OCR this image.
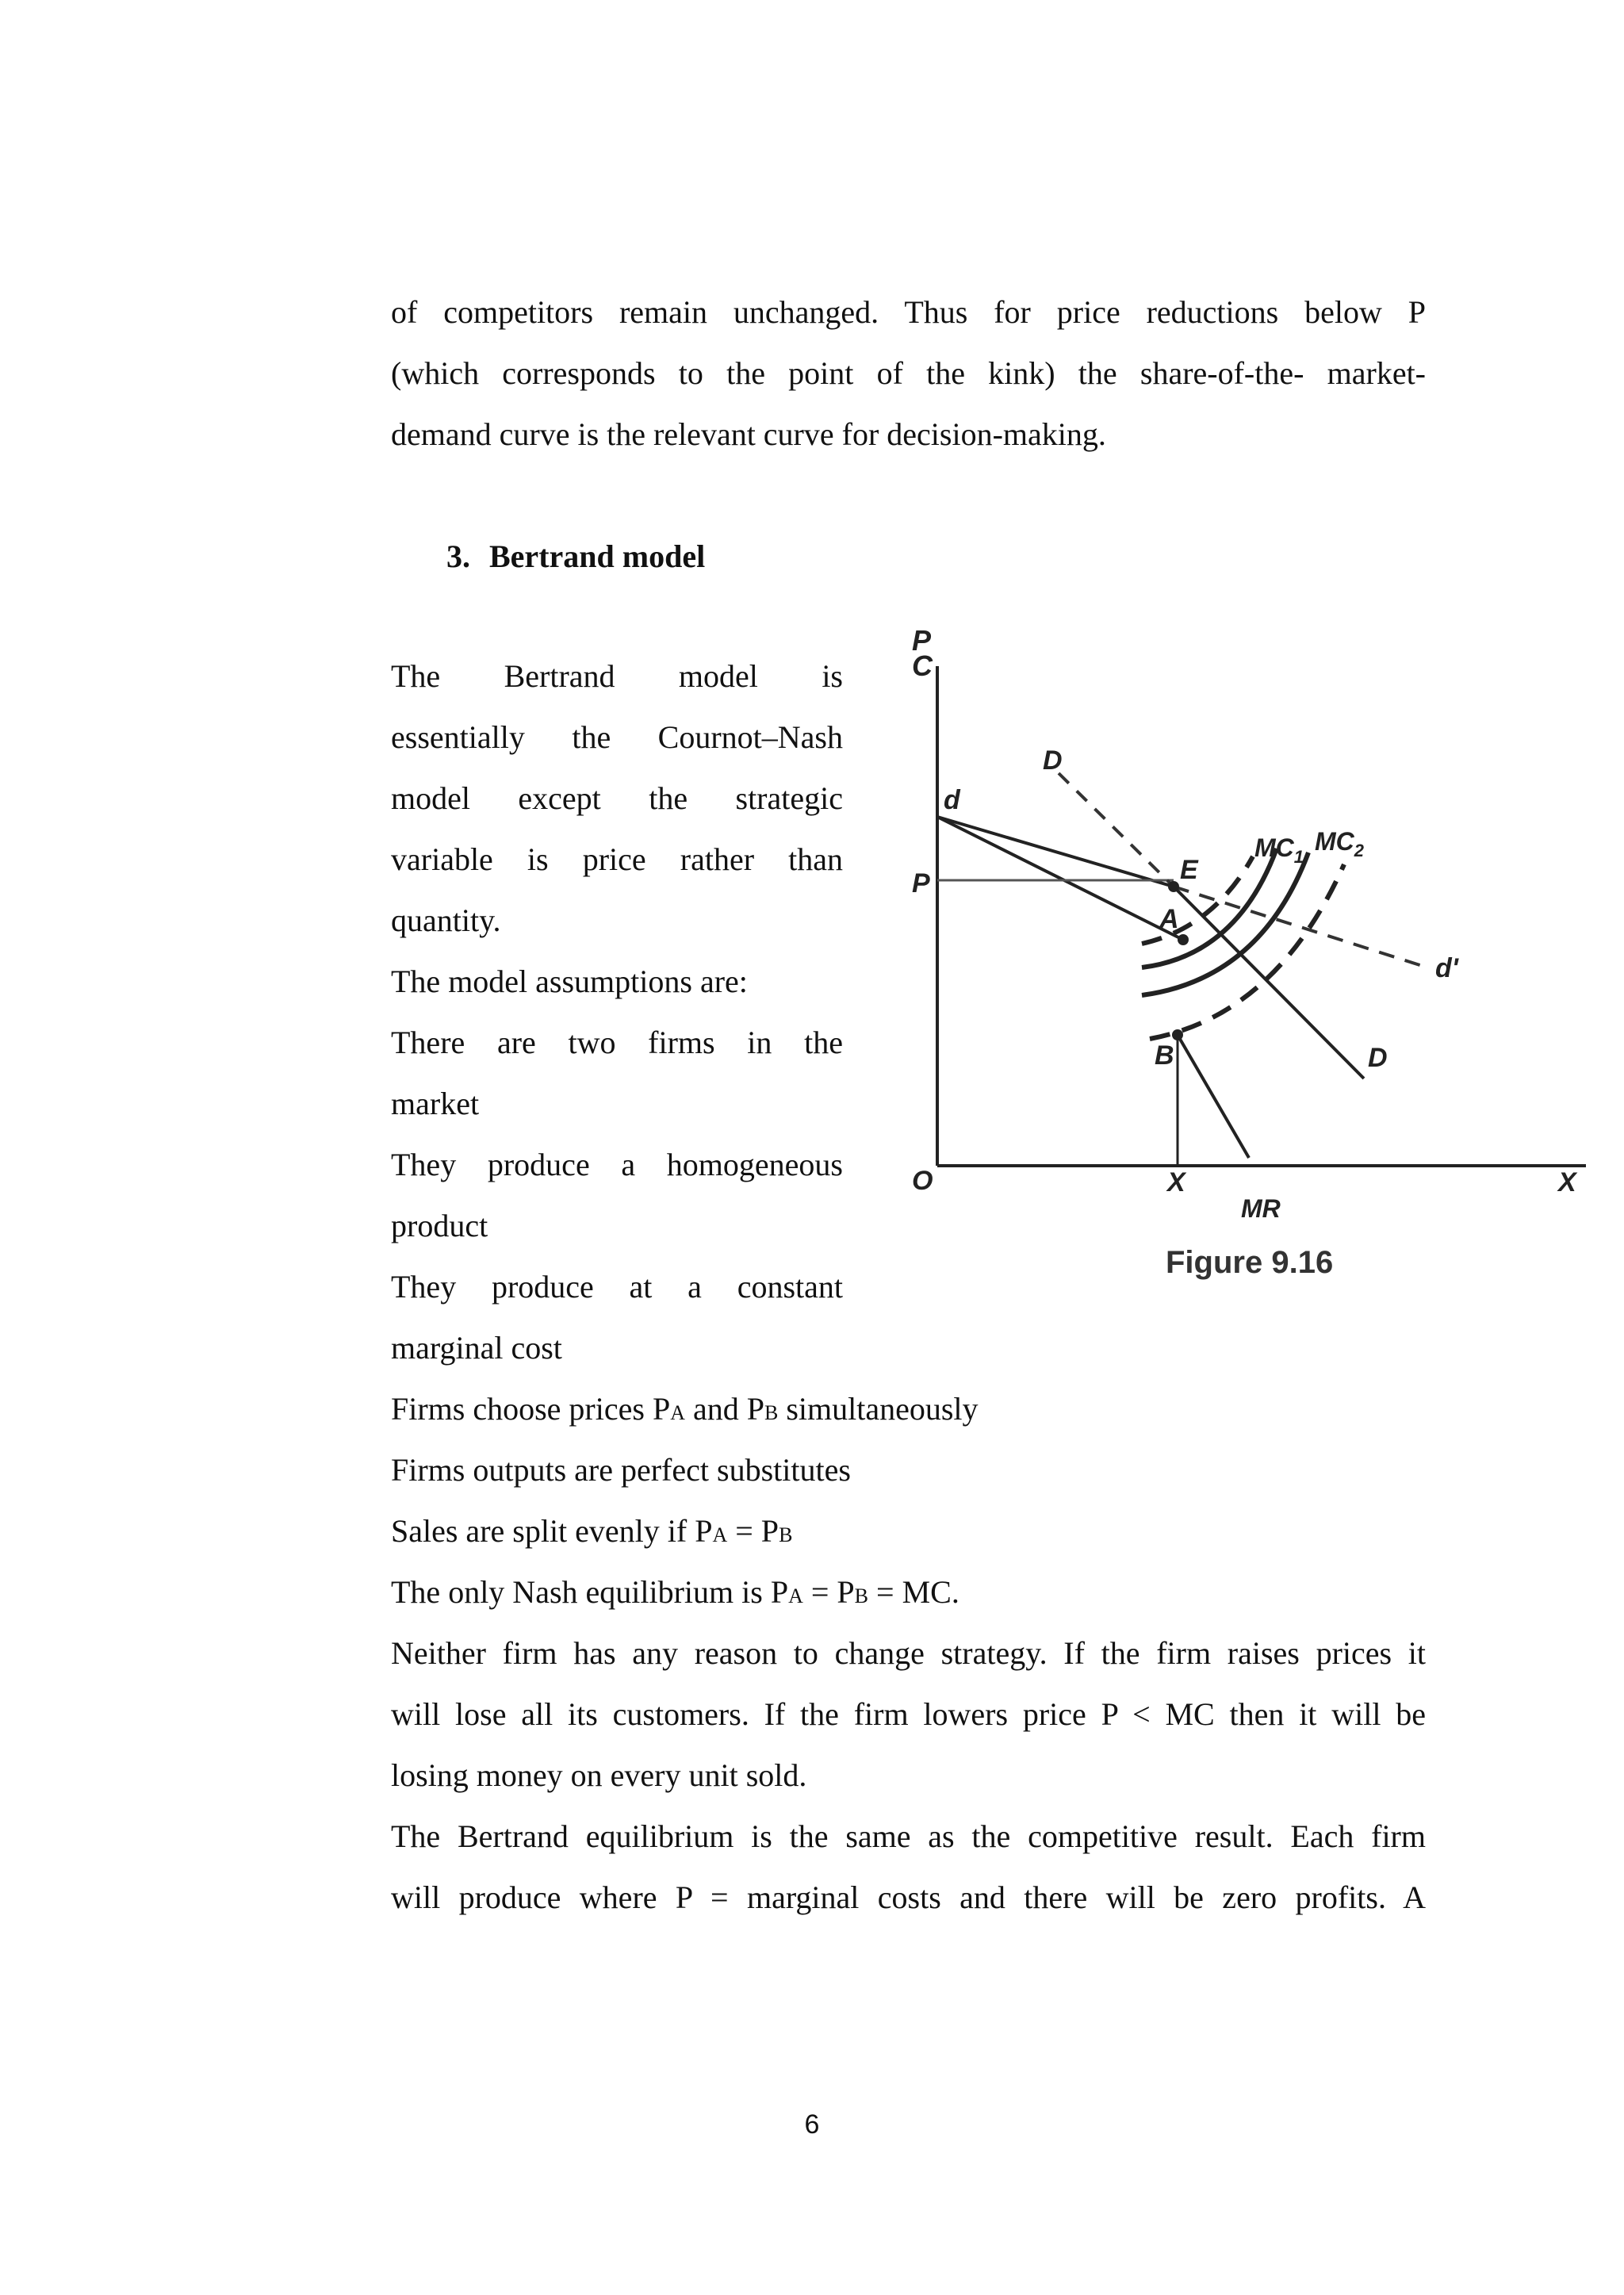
of competitors remain unchanged. Thus for price reductions below P
(which corresponds to the point of the kink) the share-of-the- market-
demand curve is the relevant curve for decision-making.
3. Bertrand model
The Bertrand model is
essentially the Cournot–Nash
model except the strategic
variable is price rather than
quantity.
The model assumptions are:
There are two firms in the
market
They produce a homogeneous
product
They produce at a constant
marginal cost
Firms choose prices PA and PB simultaneously
Firms outputs are perfect substitutes
Sales are split evenly if PA = PB
The only Nash equilibrium is PA = PB = MC.
Neither firm has any reason to change strategy. If the firm raises prices it
will lose all its customers. If the firm lowers price P < MC then it will be
losing money on every unit sold.
The Bertrand equilibrium is the same as the competitive result. Each firm
will produce where P = marginal costs and there will be zero profits. A
P
C
d
P
O
D
E
A
B
$MC_1$
$MC_2$
d'
D
X	X
MR
Figure 9.16
6
